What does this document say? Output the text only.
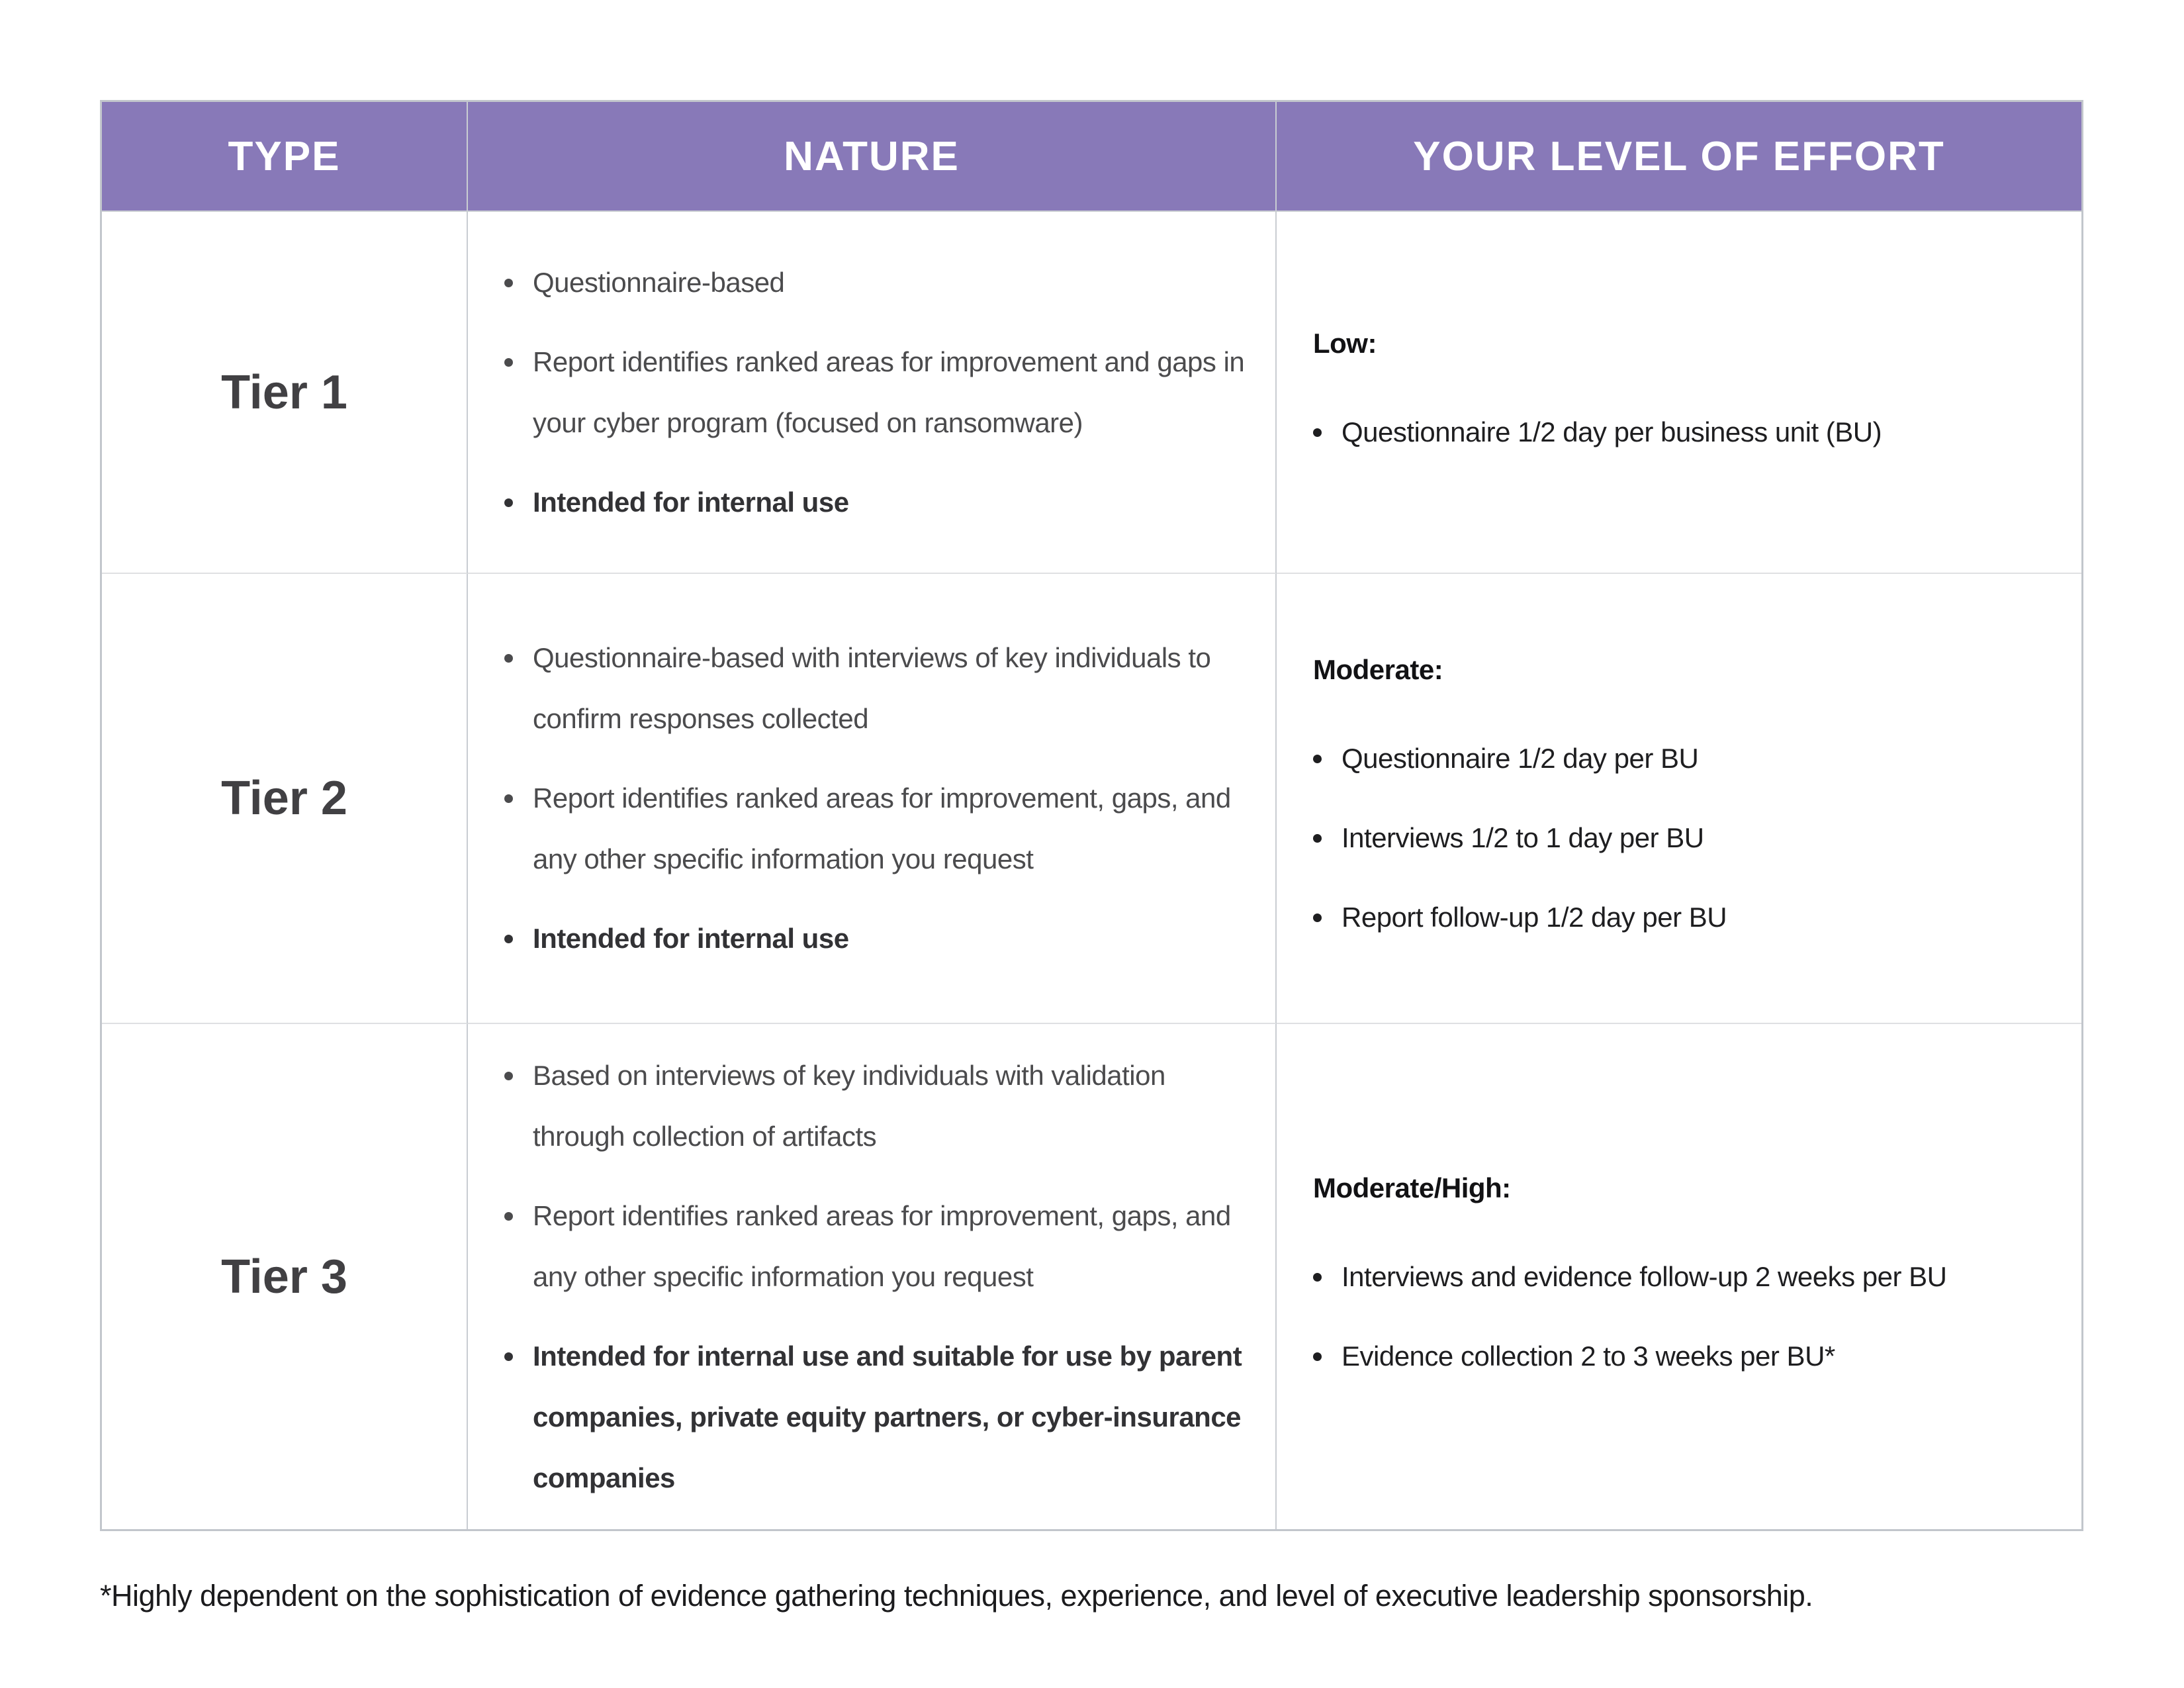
TYPE	NATURE	YOUR LEVEL OF EFFORT
Tier 1
Questionnaire-based
Report identifies ranked areas for improvement and gaps in your cyber program (focused on ransomware)
Intended for internal use
Low:
Questionnaire 1/2 day per business unit (BU)
Tier 2
Questionnaire-based with interviews of key individuals to confirm responses collected
Report identifies ranked areas for improvement, gaps, and any other specific information you request
Intended for internal use
Moderate:
Questionnaire 1/2 day per BU
Interviews 1/2 to 1 day per BU
Report follow-up 1/2 day per BU
Tier 3
Based on interviews of key individuals with validation through collection of artifacts
Report identifies ranked areas for improvement, gaps, and any other specific information you request
Intended for internal use and suitable for use by parent companies, private equity partners, or cyber-insurance companies
Moderate/High:
Interviews and evidence follow-up 2 weeks per BU
Evidence collection 2 to 3 weeks per BU*
*Highly dependent on the sophistication of evidence gathering techniques, experience, and level of executive leadership sponsorship.
